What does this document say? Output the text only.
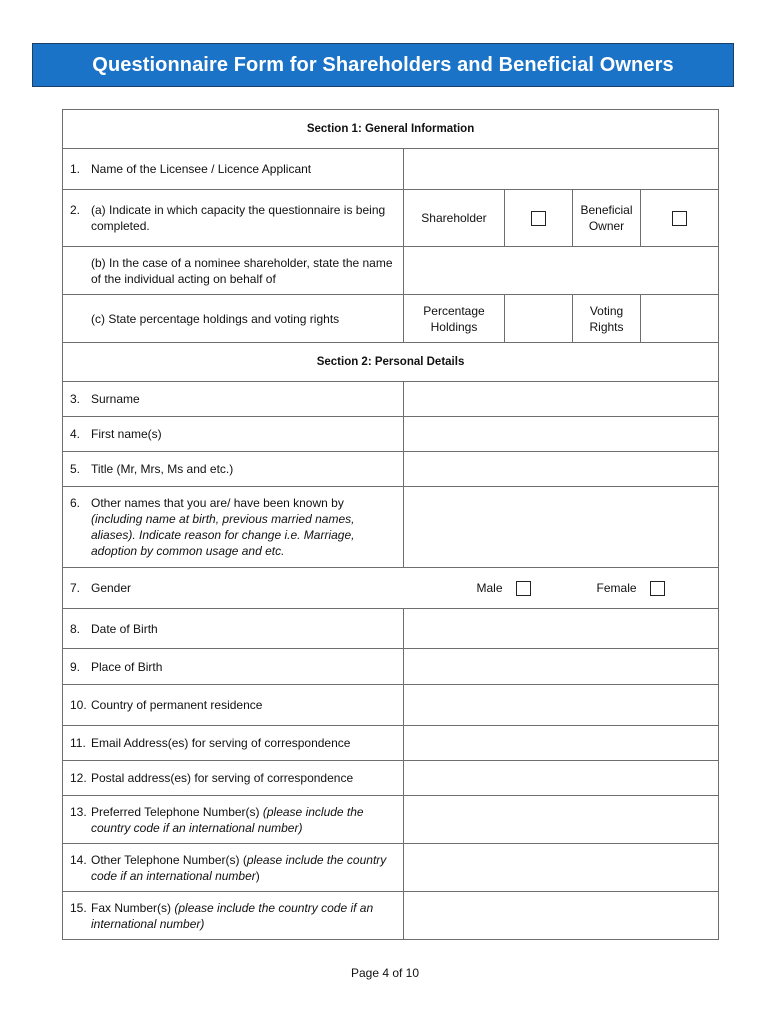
Questionnaire Form for Shareholders and Beneficial Owners
Section 1: General Information				

1. Name of the Licensee / Licence Applicant				

2. (a) Indicate in which capacity the questionnaire is being completed.	Shareholder		Beneficial Owner	
(b) In the case of a nominee shareholder, state the name of the individual acting on behalf of				
(c) State percentage holdings and voting rights	Percentage Holdings		Voting Rights	
Section 2: Personal Details				

3. Surname				

4. First name(s)				

5. Title (Mr, Mrs, Ms and etc.)				

6. Other names that you are/ have been known by (including name at birth, previous married names, aliases). Indicate reason for change i.e. Marriage, adoption by common usage and etc.				

7. Gender	Male Female			

8. Date of Birth				

9. Place of Birth				

10. Country of permanent residence				

11. Email Address(es) for serving of correspondence				

12. Postal address(es) for serving of correspondence				

13. Preferred Telephone Number(s) (please include the country code if an international number)				

14. Other Telephone Number(s) (please include the country code if an international number)				

15. Fax Number(s) (please include the country code if an international number)				

Page 4 of 10
